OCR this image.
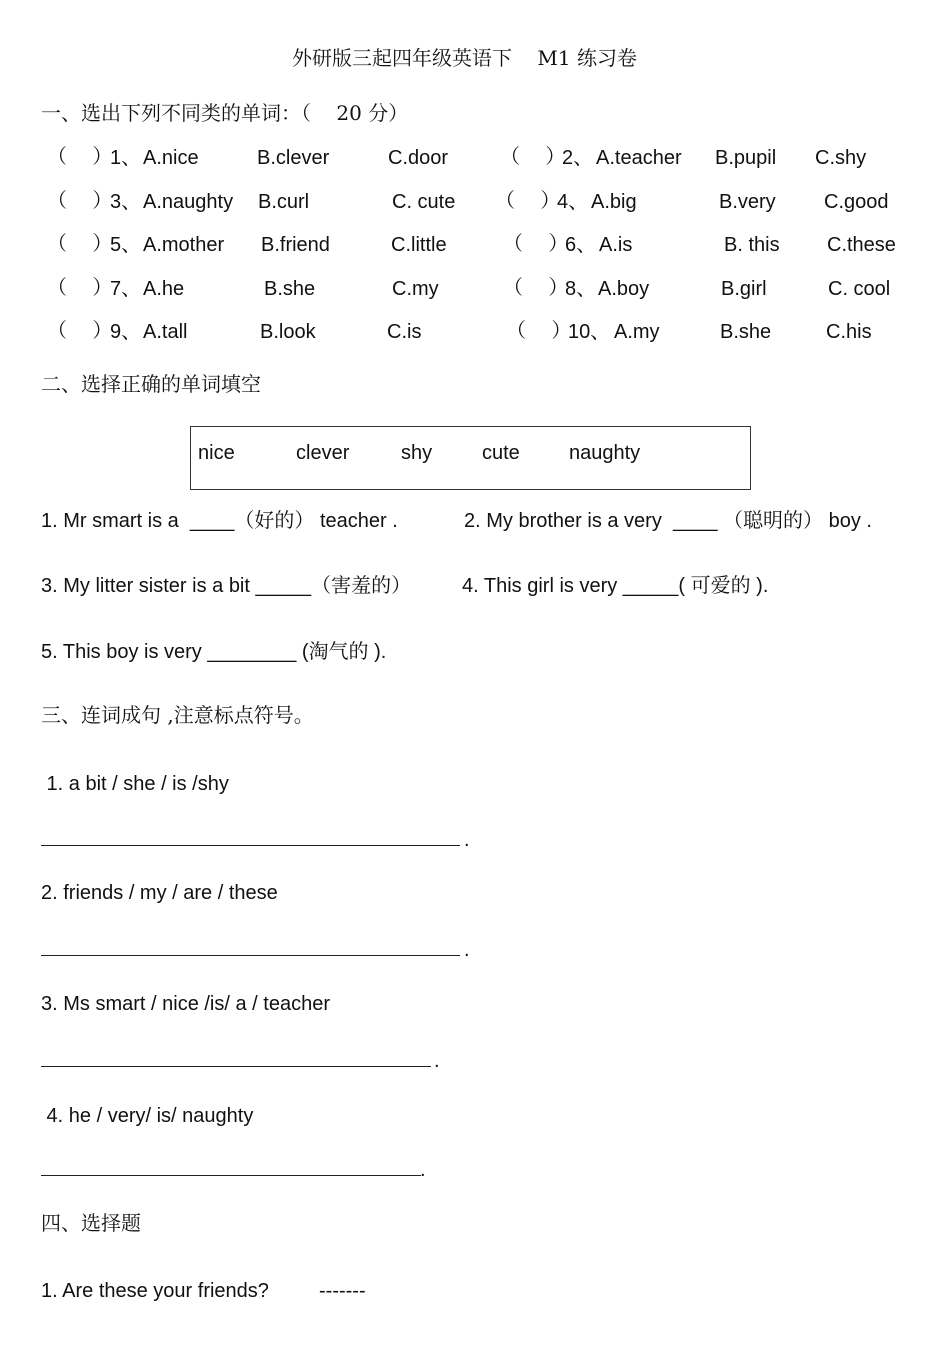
外研版三起四年级英语下    M1 练习卷
一、选出下列不同类的单词：（    20 分）
（    ）
1、 A.nice	B.clever	C.door	（    ）
2、 A.teacher B.pupil C.shy
（    ）
3、 A.naughty B.curl	C. cute （    ）
4、 A.big	B.very C.good
（    ）
5、 A.mother B.friend	C.little	（    ）
6、 A.is	B. this C.these
（    ）
7、 A.he	B.she	C.my	（    ）
8、 A.boy	B.girl	C. cool
（    ）
9、 A.tall	B.look	C.is	（    ）
10、 A.my	B.she	C.his
二、选择正确的单词填空
nice	clever	shy cute naughty
1. Mr smart is a  ____（好的） teacher .	2. My brother is a very  ____ （聪明的） boy .
3. My litter sister is a bit _____（害羞的）	4. This girl is very _____( 可爱的 ).
5. This boy is very ________ (淘气的 ).
三、连词成句 ,注意标点符号。
1. a bit / she / is /shy
.
2. friends / my / are / these
.
3. Ms smart / nice /is/ a / teacher
.
4. he / very/ is/ naughty
.
四、选择题
1. Are these your friends?	-------
